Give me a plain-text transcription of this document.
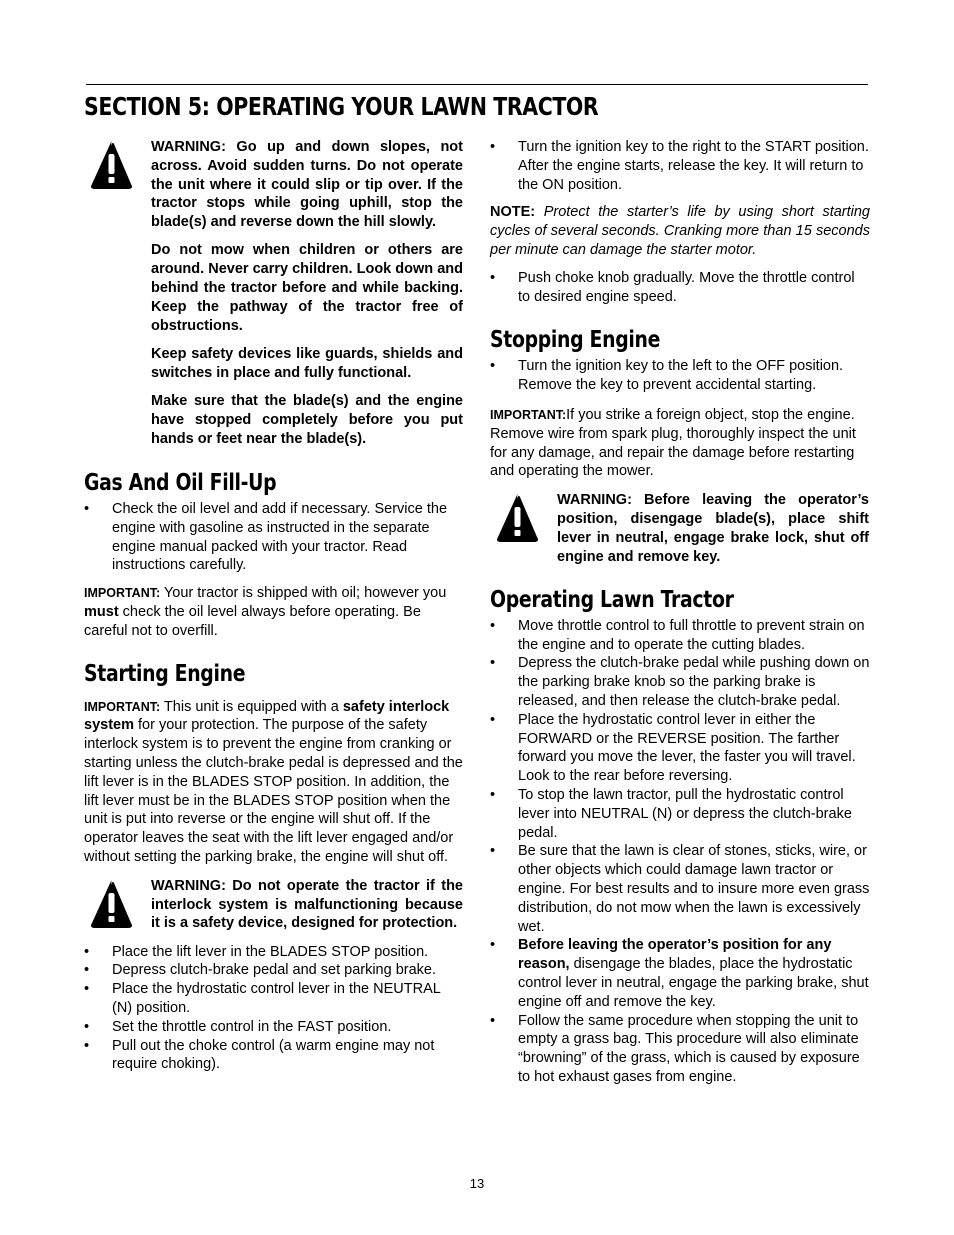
SECTION 5: OPERATING YOUR LAWN TRACTOR

WARNING: Go up and down slopes, not across. Avoid sudden turns. Do not operate the unit where it could slip or tip over. If the tractor stops while going uphill, stop the blade(s) and reverse down the hill slowly.

Do not mow when children or others are around. Never carry children. Look down and behind the tractor before and while backing. Keep the pathway of the tractor free of obstructions.

Keep safety devices like guards, shields and switches in place and fully functional.

Make sure that the blade(s) and the engine have stopped completely before you put hands or feet near the blade(s).

Gas And Oil Fill-Up
• Check the oil level and add if necessary. Service the engine with gasoline as instructed in the separate engine manual packed with your tractor. Read instructions carefully.

IMPORTANT: Your tractor is shipped with oil; however you must check the oil level always before operating. Be careful not to overfill.

Starting Engine

IMPORTANT: This unit is equipped with a safety interlock system for your protection. The purpose of the safety interlock system is to prevent the engine from cranking or starting unless the clutch-brake pedal is depressed and the lift lever is in the BLADES STOP position. In addition, the lift lever must be in the BLADES STOP position when the unit is put into reverse or the engine will shut off. If the operator leaves the seat with the lift lever engaged and/or without setting the parking brake, the engine will shut off.

WARNING: Do not operate the tractor if the interlock system is malfunctioning because it is a safety device, designed for protection.

• Place the lift lever in the BLADES STOP position.
• Depress clutch-brake pedal and set parking brake.
• Place the hydrostatic control lever in the NEUTRAL (N) position.
• Set the throttle control in the FAST position.
• Pull out the choke control (a warm engine may not require choking).
• Turn the ignition key to the right to the START position. After the engine starts, release the key. It will return to the ON position.

NOTE: Protect the starter’s life by using short starting cycles of several seconds. Cranking more than 15 seconds per minute can damage the starter motor.

• Push choke knob gradually. Move the throttle control to desired engine speed.
Stopping Engine
• Turn the ignition key to the left to the OFF position. Remove the key to prevent accidental starting.

IMPORTANT:If you strike a foreign object, stop the engine. Remove wire from spark plug, thoroughly inspect the unit for any damage, and repair the damage before restarting and operating the mower.

WARNING: Before leaving the operator’s position, disengage blade(s), place shift lever in neutral, engage brake lock, shut off engine and remove key.

Operating Lawn Tractor
• Move throttle control to full throttle to prevent strain on the engine and to operate the cutting blades.
• Depress the clutch-brake pedal while pushing down on the parking brake knob so the parking brake is released, and then release the clutch-brake pedal.
• Place the hydrostatic control lever in either the FORWARD or the REVERSE position. The farther forward you move the lever, the faster you will travel. Look to the rear before reversing.
• To stop the lawn tractor, pull the hydrostatic control lever into NEUTRAL (N) or depress the clutch-brake pedal.
• Be sure that the lawn is clear of stones, sticks, wire, or other objects which could damage lawn tractor or engine. For best results and to insure more even grass distribution, do not mow when the lawn is excessively wet.
• Before leaving the operator’s position for any reason, disengage the blades, place the hydrostatic control lever in neutral, engage the parking brake, shut engine off and remove the key.
• Follow the same procedure when stopping the unit to empty a grass bag. This procedure will also eliminate “browning” of the grass, which is caused by exposure to hot exhaust gases from engine.
13
